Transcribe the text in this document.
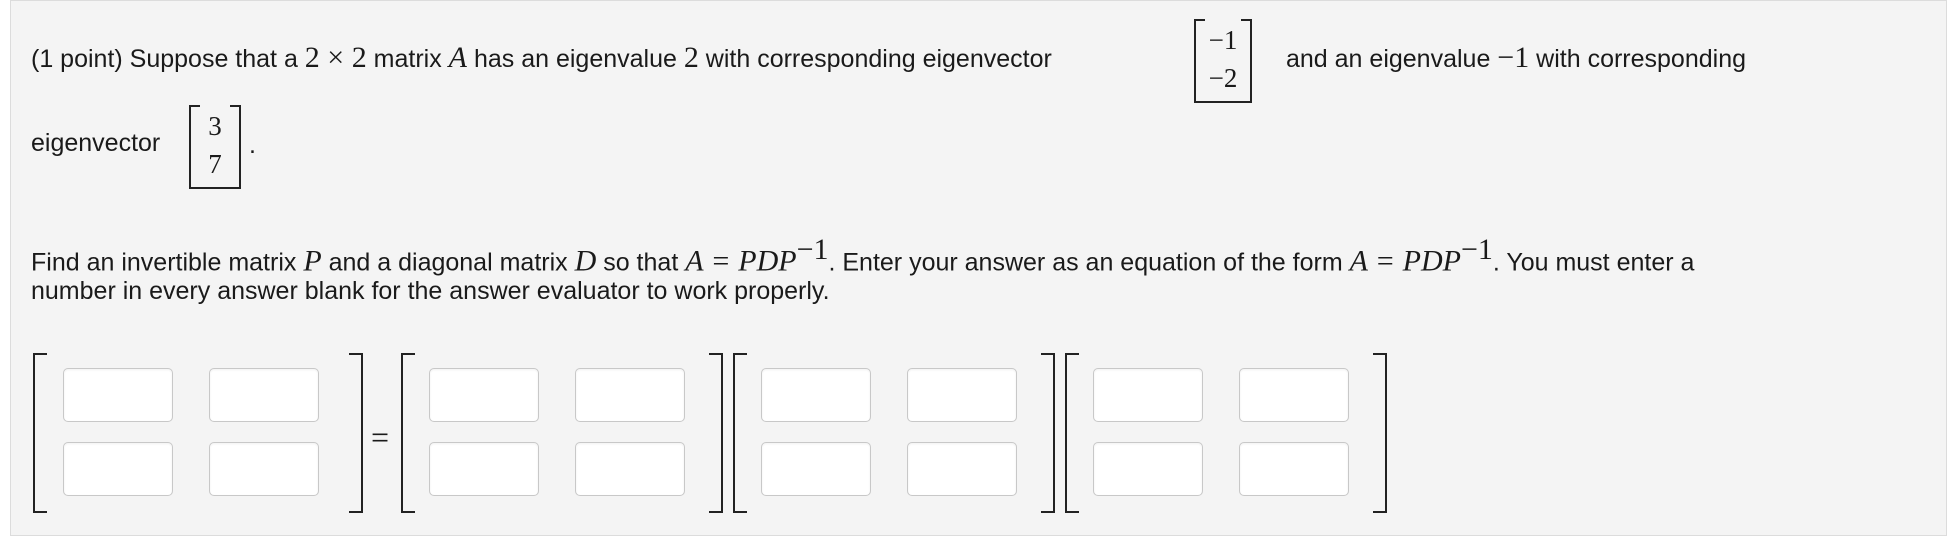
(1 point) Suppose that a 2 × 2 matrix A has an eigenvalue 2 with corresponding eigenvector
−1
−2
and an eigenvalue −1 with corresponding
eigenvector
3
7
.
Find an invertible matrix P and a diagonal matrix D so that $A = PDP^{-1}$. Enter your answer as an equation of the form $A = PDP^{-1}$. You must enter a
number in every answer blank for the answer evaluator to work properly.
=
